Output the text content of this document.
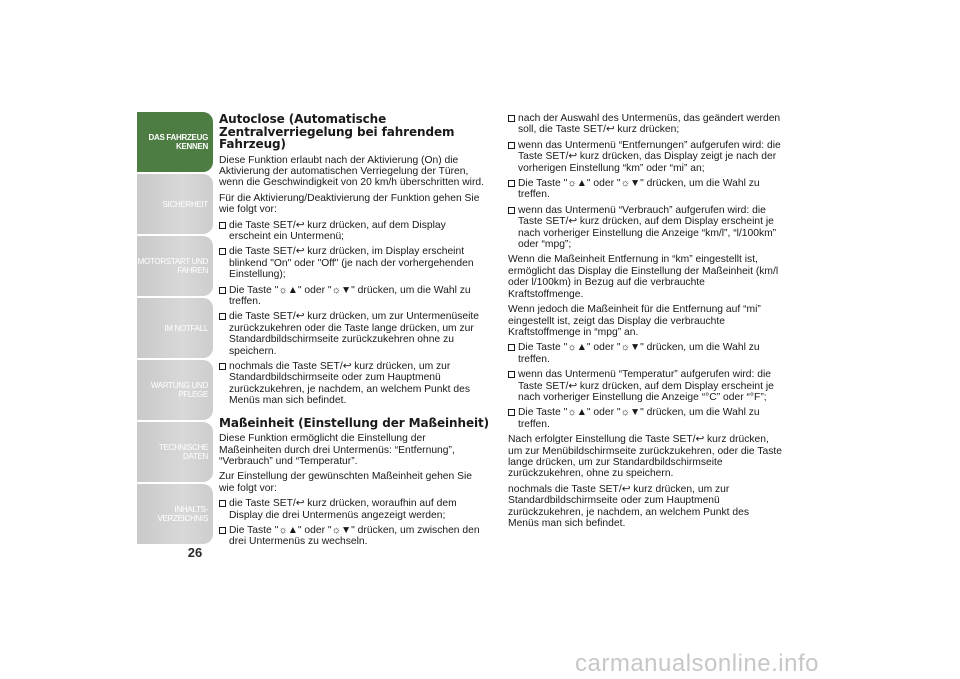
DAS FAHRZEUG
KENNEN
SICHERHEIT
MOTORSTART UND
FAHREN
IM NOTFALL
WARTUNG UND
PFLEGE
TECHNISCHE DATEN
INHALTS-
VERZEICHNIS
26
Autoclose (Automatische Zentralverriegelung bei fahrendem Fahrzeug)

Diese Funktion erlaubt nach der Aktivierung (On) die Aktivierung der automatischen Verriegelung der Türen, wenn die Geschwindigkeit von 20 km/h überschritten wird.

Für die Aktivierung/Deaktivierung der Funktion gehen Sie wie folgt vor:

die Taste SET/↩ kurz drücken, auf dem Display erscheint ein Untermenü;
die Taste SET/↩ kurz drücken, im Display erscheint blinkend "On" oder "Off" (je nach der vorhergehenden Einstellung);
Die Taste "☼▲" oder "☼▼" drücken, um die Wahl zu treffen.
die Taste SET/↩ kurz drücken, um zur Untermenüseite zurückzukehren oder die Taste lange drücken, um zur Standardbildschirmseite zurückzukehren ohne zu speichern.
nochmals die Taste SET/↩ kurz drücken, um zur Standardbildschirmseite oder zum Hauptmenü zurückzukehren, je nachdem, an welchem Punkt des Menüs man sich befindet.
Maßeinheit (Einstellung der Maßeinheit)

Diese Funktion ermöglicht die Einstellung der Maßeinheiten durch drei Untermenüs: “Entfernung”, “Verbrauch” und “Temperatur”.

Zur Einstellung der gewünschten Maßeinheit gehen Sie wie folgt vor:

die Taste SET/↩ kurz drücken, woraufhin auf dem Display die drei Untermenüs angezeigt werden;
Die Taste "☼▲" oder "☼▼" drücken, um zwischen den drei Untermenüs zu wechseln.
nach der Auswahl des Untermenüs, das geändert werden soll, die Taste SET/↩ kurz drücken;
wenn das Untermenü “Entfernungen” aufgerufen wird: die Taste SET/↩ kurz drücken, das Display zeigt je nach der vorherigen Einstellung “km” oder “mi” an;
Die Taste "☼▲" oder "☼▼" drücken, um die Wahl zu treffen.
wenn das Untermenü “Verbrauch” aufgerufen wird: die Taste SET/↩ kurz drücken, auf dem Display erscheint je nach vorheriger Einstellung die Anzeige “km/l”, “l/100km” oder “mpg”;

Wenn die Maßeinheit Entfernung in “km” eingestellt ist, ermöglicht das Display die Einstellung der Maßeinheit (km/l oder l/100km) in Bezug auf die verbrauchte Kraftstoffmenge.

Wenn jedoch die Maßeinheit für die Entfernung auf “mi” eingestellt ist, zeigt das Display die verbrauchte Kraftstoffmenge in “mpg” an.

Die Taste "☼▲" oder "☼▼" drücken, um die Wahl zu treffen.
wenn das Untermenü “Temperatur” aufgerufen wird: die Taste SET/↩ kurz drücken, auf dem Display erscheint je nach vorheriger Einstellung die Anzeige “°C” oder “°F”;
Die Taste "☼▲" oder "☼▼" drücken, um die Wahl zu treffen.

Nach erfolgter Einstellung die Taste SET/↩ kurz drücken, um zur Menübildschirmseite zurückzukehren, oder die Taste lange drücken, um zur Standardbildschirmseite zurückzukehren, ohne zu speichern.

nochmals die Taste SET/↩ kurz drücken, um zur Standardbildschirmseite oder zum Hauptmenü zurückzukehren, je nachdem, an welchem Punkt des Menüs man sich befindet.

carmanualsonline.info
